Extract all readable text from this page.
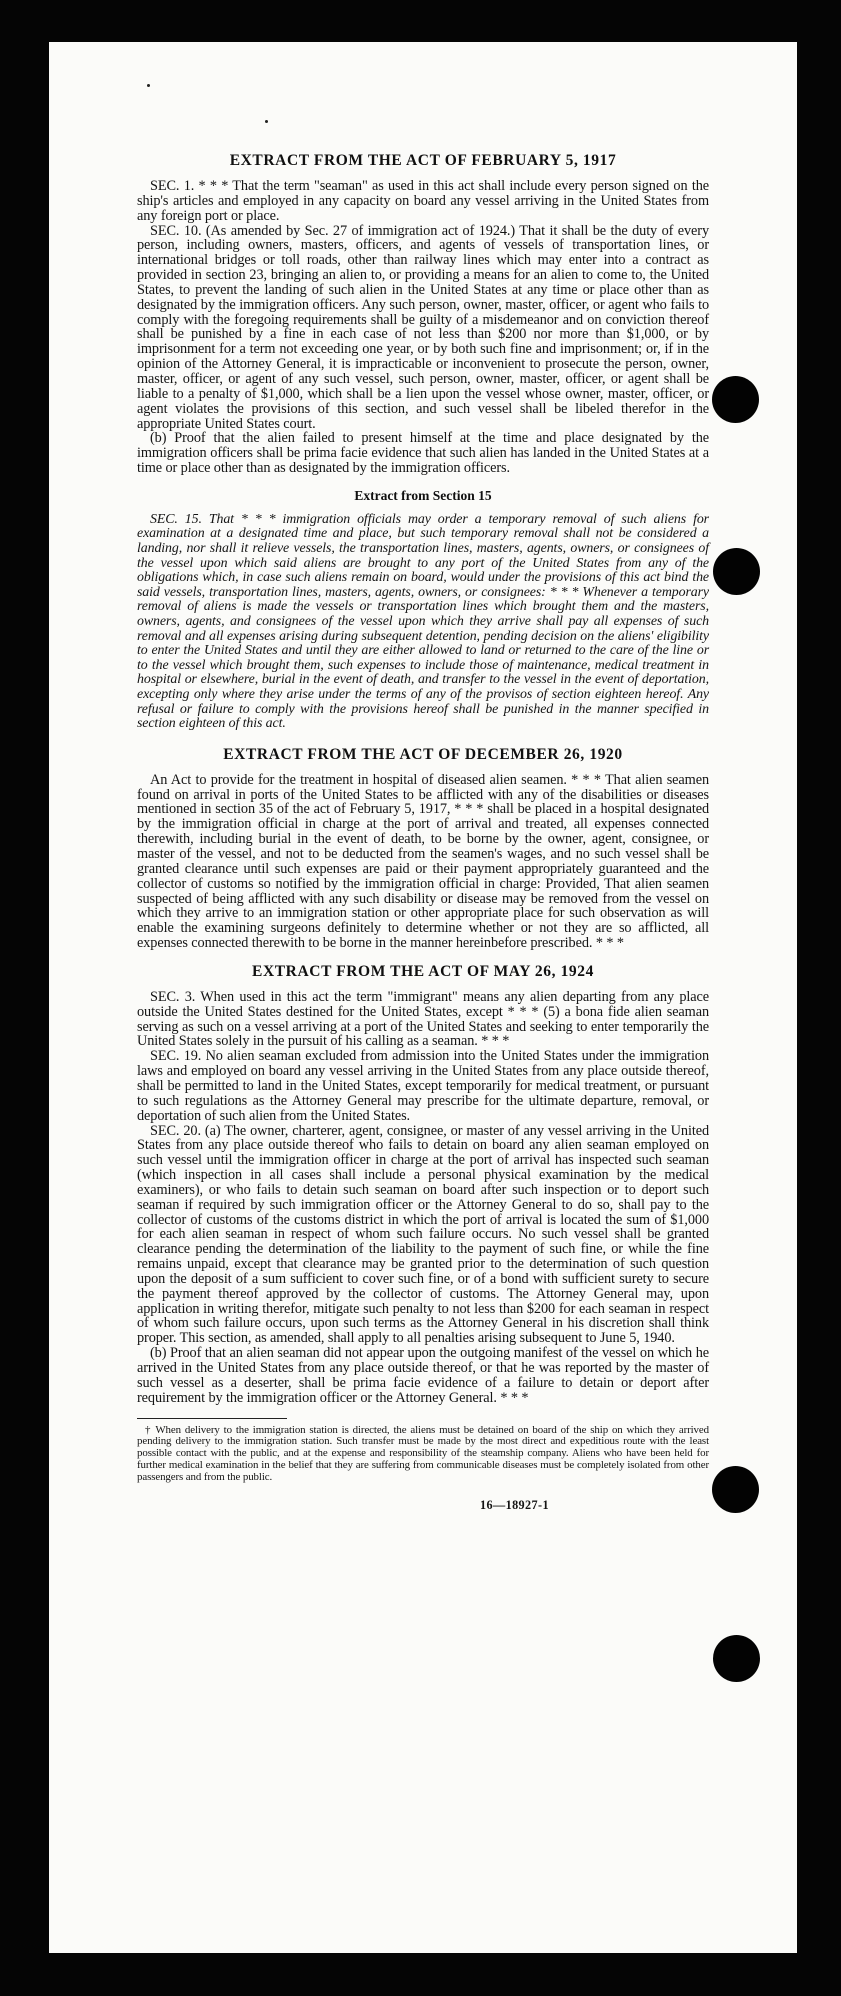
EXTRACT FROM THE ACT OF FEBRUARY 5, 1917

SEC. 1. * * * That the term "seaman" as used in this act shall include every person signed on the ship's articles and employed in any capacity on board any vessel arriving in the United States from any foreign port or place.

SEC. 10. (As amended by Sec. 27 of immigration act of 1924.) That it shall be the duty of every person, including owners, masters, officers, and agents of vessels of transportation lines, or international bridges or toll roads, other than railway lines which may enter into a contract as provided in section 23, bringing an alien to, or providing a means for an alien to come to, the United States, to prevent the landing of such alien in the United States at any time or place other than as designated by the immigration officers. Any such person, owner, master, officer, or agent who fails to comply with the foregoing requirements shall be guilty of a misdemeanor and on conviction thereof shall be punished by a fine in each case of not less than $200 nor more than $1,000, or by imprisonment for a term not exceeding one year, or by both such fine and imprisonment; or, if in the opinion of the Attorney General, it is impracticable or inconvenient to prosecute the person, owner, master, officer, or agent of any such vessel, such person, owner, master, officer, or agent shall be liable to a penalty of $1,000, which shall be a lien upon the vessel whose owner, master, officer, or agent violates the provisions of this section, and such vessel shall be libeled therefor in the appropriate United States court.

(b) Proof that the alien failed to present himself at the time and place designated by the immigration officers shall be prima facie evidence that such alien has landed in the United States at a time or place other than as designated by the immigration officers.

Extract from Section 15

SEC. 15. That * * * immigration officials may order a temporary removal of such aliens for examination at a designated time and place, but such temporary removal shall not be considered a landing, nor shall it relieve vessels, the transportation lines, masters, agents, owners, or consignees of the vessel upon which said aliens are brought to any port of the United States from any of the obligations which, in case such aliens remain on board, would under the provisions of this act bind the said vessels, transportation lines, masters, agents, owners, or consignees: * * * Whenever a temporary removal of aliens is made the vessels or transportation lines which brought them and the masters, owners, agents, and consignees of the vessel upon which they arrive shall pay all expenses of such removal and all expenses arising during subsequent detention, pending decision on the aliens' eligibility to enter the United States and until they are either allowed to land or returned to the care of the line or to the vessel which brought them, such expenses to include those of maintenance, medical treatment in hospital or elsewhere, burial in the event of death, and transfer to the vessel in the event of deportation, excepting only where they arise under the terms of any of the provisos of section eighteen hereof. Any refusal or failure to comply with the provisions hereof shall be punished in the manner specified in section eighteen of this act.

EXTRACT FROM THE ACT OF DECEMBER 26, 1920

An Act to provide for the treatment in hospital of diseased alien seamen. * * * That alien seamen found on arrival in ports of the United States to be afflicted with any of the disabilities or diseases mentioned in section 35 of the act of February 5, 1917, * * * shall be placed in a hospital designated by the immigration official in charge at the port of arrival and treated, all expenses connected therewith, including burial in the event of death, to be borne by the owner, agent, consignee, or master of the vessel, and not to be deducted from the seamen's wages, and no such vessel shall be granted clearance until such expenses are paid or their payment appropriately guaranteed and the collector of customs so notified by the immigration official in charge: Provided, That alien seamen suspected of being afflicted with any such disability or disease may be removed from the vessel on which they arrive to an immigration station or other appropriate place for such observation as will enable the examining surgeons definitely to determine whether or not they are so afflicted, all expenses connected therewith to be borne in the manner hereinbefore prescribed. * * *

EXTRACT FROM THE ACT OF MAY 26, 1924

SEC. 3. When used in this act the term "immigrant" means any alien departing from any place outside the United States destined for the United States, except * * * (5) a bona fide alien seaman serving as such on a vessel arriving at a port of the United States and seeking to enter temporarily the United States solely in the pursuit of his calling as a seaman. * * *

SEC. 19. No alien seaman excluded from admission into the United States under the immigration laws and employed on board any vessel arriving in the United States from any place outside thereof, shall be permitted to land in the United States, except temporarily for medical treatment, or pursuant to such regulations as the Attorney General may prescribe for the ultimate departure, removal, or deportation of such alien from the United States.

SEC. 20. (a) The owner, charterer, agent, consignee, or master of any vessel arriving in the United States from any place outside thereof who fails to detain on board any alien seaman employed on such vessel until the immigration officer in charge at the port of arrival has inspected such seaman (which inspection in all cases shall include a personal physical examination by the medical examiners), or who fails to detain such seaman on board after such inspection or to deport such seaman if required by such immigration officer or the Attorney General to do so, shall pay to the collector of customs of the customs district in which the port of arrival is located the sum of $1,000 for each alien seaman in respect of whom such failure occurs. No such vessel shall be granted clearance pending the determination of the liability to the payment of such fine, or while the fine remains unpaid, except that clearance may be granted prior to the determination of such question upon the deposit of a sum sufficient to cover such fine, or of a bond with sufficient surety to secure the payment thereof approved by the collector of customs. The Attorney General may, upon application in writing therefor, mitigate such penalty to not less than $200 for each seaman in respect of whom such failure occurs, upon such terms as the Attorney General in his discretion shall think proper. This section, as amended, shall apply to all penalties arising subsequent to June 5, 1940.

(b) Proof that an alien seaman did not appear upon the outgoing manifest of the vessel on which he arrived in the United States from any place outside thereof, or that he was reported by the master of such vessel as a deserter, shall be prima facie evidence of a failure to detain or deport after requirement by the immigration officer or the Attorney General. * * *

† When delivery to the immigration station is directed, the aliens must be detained on board of the ship on which they arrived pending delivery to the immigration station. Such transfer must be made by the most direct and expeditious route with the least possible contact with the public, and at the expense and responsibility of the steamship company. Aliens who have been held for further medical examination in the belief that they are suffering from communicable diseases must be completely isolated from other passengers and from the public.

16—18927-1
